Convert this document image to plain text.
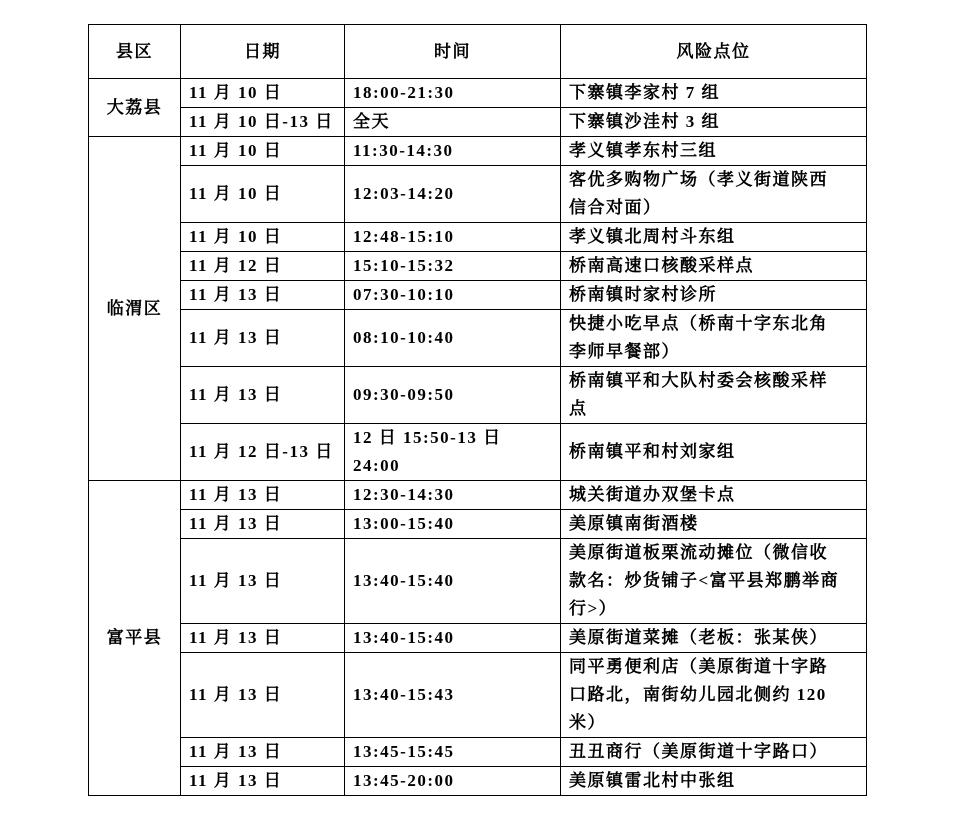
县区	日期	时间	风险点位
大荔县	11 月 10 日	18:00-21:30	下寨镇李家村 7 组
	11 月 10 日-13 日	全天	下寨镇沙洼村 3 组
临渭区	11 月 10 日	11:30-14:30	孝义镇孝东村三组
	11 月 10 日	12:03-14:20	客优多购物广场（孝义街道陕西
信合对面）
	11 月 10 日	12:48-15:10	孝义镇北周村斗东组
	11 月 12 日	15:10-15:32	桥南高速口核酸采样点
	11 月 13 日	07:30-10:10	桥南镇时家村诊所
	11 月 13 日	08:10-10:40	快捷小吃早点（桥南十字东北角
李师早餐部）
	11 月 13 日	09:30-09:50	桥南镇平和大队村委会核酸采样
点
	11 月 12 日-13 日	12 日 15:50-13 日
24:00	桥南镇平和村刘家组
富平县	11 月 13 日	12:30-14:30	城关街道办双堡卡点
	11 月 13 日	13:00-15:40	美原镇南街酒楼
	11 月 13 日	13:40-15:40	美原街道板栗流动摊位（微信收
款名：炒货铺子<富平县郑鹏举商
行>）
	11 月 13 日	13:40-15:40	美原街道菜摊（老板：张某侠）
	11 月 13 日	13:40-15:43	同平勇便利店（美原街道十字路
口路北，南街幼儿园北侧约 120
米）
	11 月 13 日	13:45-15:45	丑丑商行（美原街道十字路口）
	11 月 13 日	13:45-20:00	美原镇雷北村中张组
